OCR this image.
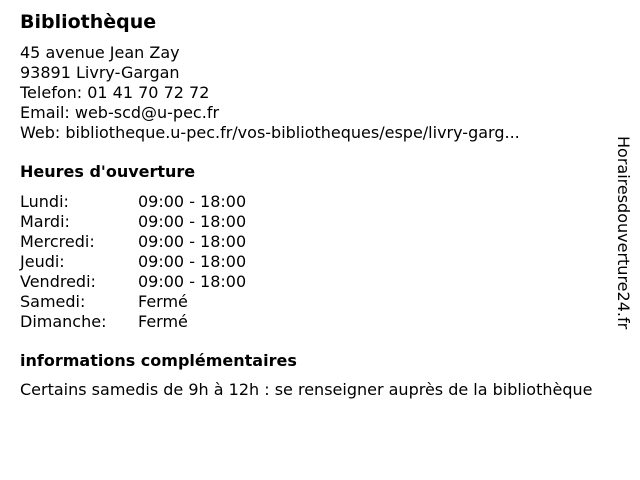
Bibliothèque
45 avenue Jean Zay
93891 Livry-Gargan
Telefon: 01 41 70 72 72
Email: web-scd@u-pec.fr
Web: bibliotheque.u-pec.fr/vos-bibliotheques/espe/livry-garg...
Heures d'ouverture
Lundi:	09:00 - 18:00
Mardi:	09:00 - 18:00
Mercredi:	09:00 - 18:00
Jeudi:	09:00 - 18:00
Vendredi:	09:00 - 18:00
Samedi:	Fermé
Dimanche:	Fermé
informations complémentaires
Certains samedis de 9h à 12h : se renseigner auprès de la bibliothèque
Horairesdouverture24.fr
